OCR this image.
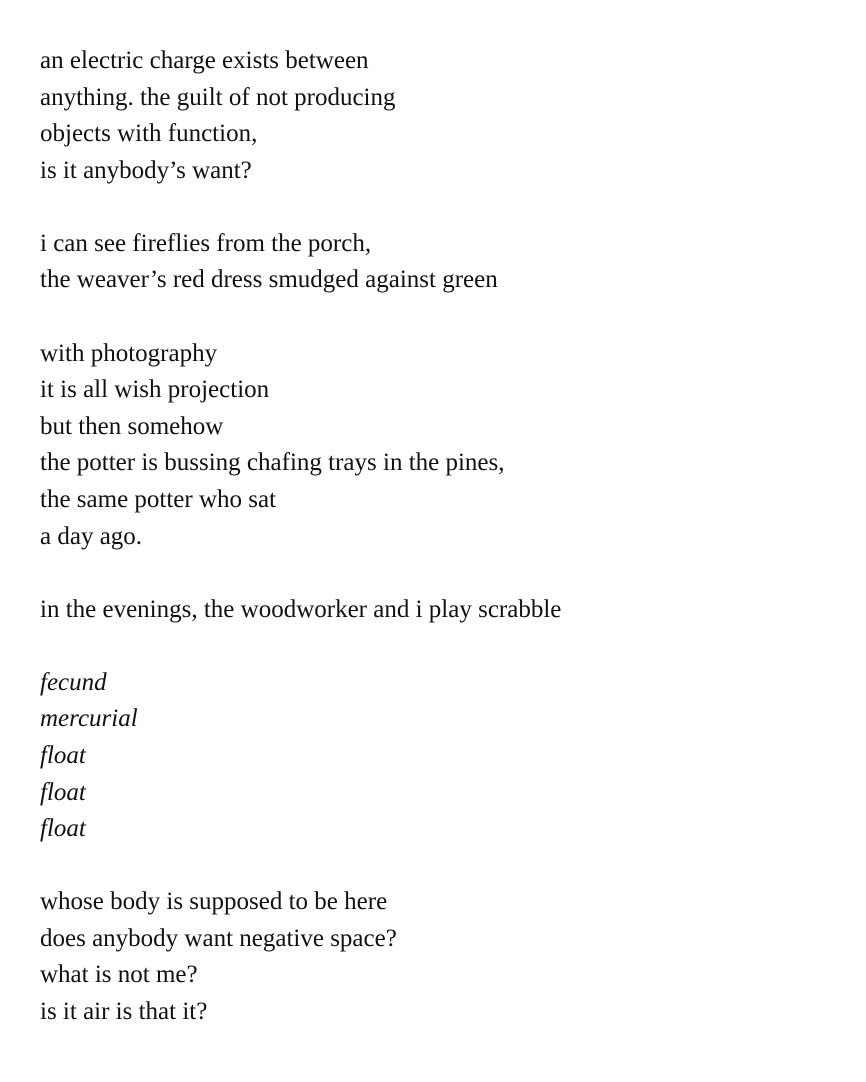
an electric charge exists between
anything. the guilt of not producing
objects with function,
is it anybody’s want?
i can see fireflies from the porch,
the weaver’s red dress smudged against green
with photography
it is all wish projection
but then somehow
the potter is bussing chafing trays in the pines,
the same potter who sat
a day ago.
in the evenings, the woodworker and i play scrabble
fecund
mercurial
float
float
float
whose body is supposed to be here
does anybody want negative space?
what is not me?
is it air is that it?
